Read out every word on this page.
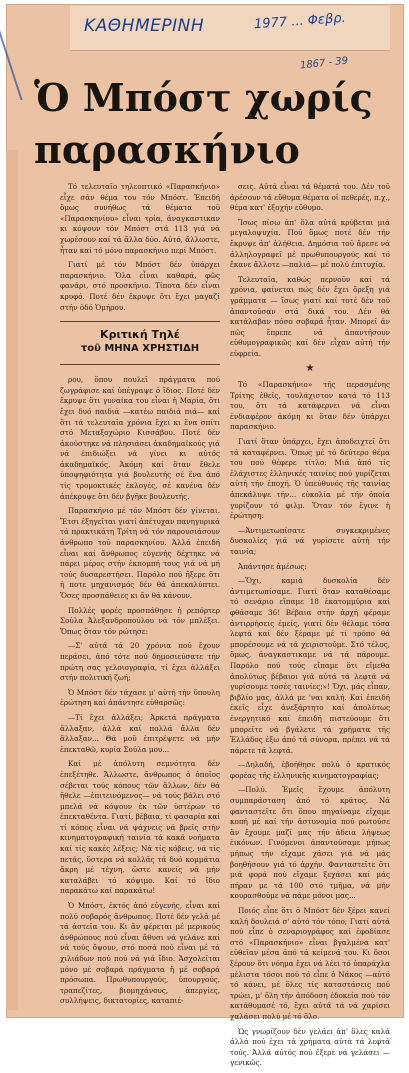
ΚΑΘΗΜΕΡΙΝΗ	1977 ... Φεβρ.
1867 - 39
Ὁ Μπόστ χωρίς
παρασκήνιο

Τό τελευταῖο τηλεοπτικό «Παρασκήνιο» εἶχε σάν θέμα του τόν Μπόστ. Ἐπειδή ὅμως συνήθως τά θέματα τοῦ «Παρασκηνίου» εἶναι τρία, ἀναγκαστικαν κι κόψουν τόν Μπόστ στά 113 γιά νά χωρέσουν καί τά ἄλλα δύο. Αὐτό, ἄλλωστε, ἦταν καί τό μόνο παρασκήνιο περί Μπόστ.

Γιατί μέ τόν Μπόστ δέν ὑπάρχει παρασκήνιο. Ὅλα εἶναι καθαρά, φῶς φανάρι, στό προσκήνιο. Τίποτα δέν εἶναι κρυφό. Ποτέ δέν ἔκρυψε ὅτι ἔχει μαγαζί στήν ὁδό Ὁμήρου.

Κριτική Τηλέ
τοῦ ΜΗΝΑ ΧΡΗΣΤΙΔΗ

ρου, ὅπου πουλεῖ πράγματα πού ζωγράφισε καί ὑπέγραψε ὁ ἴδιος. Ποτέ δέν ἔκρυψε ὅτι γυναίκα του εἶναι ἡ Μαρία, ὅτι ἔχει δυό παιδιά —κατέω παιδιά πιά— καί ὅτι τά τελευταῖα χρόνια ἔχει κι ἕνα σπίτι στό Μεταξοχώριο Κισσάβου. Ποτέ δέν ἀκούστηκε νά πλησιάσει ἀκαδημαϊκούς γιά νά ἐπιδιώξει νά γίνει κι αὐτός ἀκαδημαϊκός. Ἀκόμη καί ὅταν ἔθελε ὑποψηφιότητα γιά βουλευτής σέ ἕνα ἀπό τίς τρομοκτικές ἐκλογές, σέ κανένα δέν ἀπέκρυψε ὅτι δέν βγῆκε βουλευτής.

Παρασκήνιο μέ τόν Μπόστ δέν γίνεται. Ἔτσι ἐξηγεῖται γιατί ἀπέτυχαν πανηγυρικά τά πρακτικάτη Τρίτη νά τόν παρουσιάσουν ἀνθρωπο τοῦ παρασκηνίου. Ἀλλά ἐπειδή εἶναι καί ἄνθρωπος εὐγενής δέχτηκε νά πάρει μέρος στήν ἐκπομπή τους γιά νά μή τούς δυσαρεστήσει. Παρόλο πού ἤξερε ὅτι ἡ ποτε μηχανισμός δέν θά ἀπεκαλύπτει. Ὅσες προσπάθειες κι ἄν θά κάνουν.

Πολλές φορές προσπάθησε ἡ ρεπόρτερ Σούλα Ἀλεξανδροπούλου νά τόν μπλέξει. Ὅπως ὅταν τόν ρώτησε:

—Σ' αὐτά τά 20 χρόνια πού ἔχουν περάσει, ἀπό τότε πού δημοσιεύσατε τήν πρώτη σας γελοιογραφία, τί ἔχει ἀλλάξει στήν πολιτική ζωή;

Ὁ Μπόστ δέν τάχασε μ' αὐτή τήν ὕπουλη ἐρώτηση καί ἀπάντησε εὐθαρσῶς:

—Τί ἔχει ἀλλάξει; Ἀρκετά πράγματα ἄλλαξαν, ἀλλά καί πολλά ἄλλα δέν ἄλλαξαν... Θά μοῦ ἐπιτρέψετε νά μήν ἐπεκταθῶ, κυρία Σούλα μου...

Καί μέ ἀπόλυτη σεμνότητα δέν ἐπεξέτηθε. Ἄλλωστε, ἄνθρωπος ὁ ὁποῖος σέβεται τούς κόπους τῶν ἄλλων, δέν θά ἤθελε —ἐπιτεινόμενος— νά τούς βάλει στό μπελά νά κόψουν ἐκ τῶν ὑστέρων τό ἐπεκταθέντα. Γιατί, βέβαια, τί φασαρία καί τί κόπος εἶναι νά ψάχνεις νά βρεῖς στήν κινηματογραφική ταινία τά κακά νοήματα καί τίς κακές λέξεις; Νά τίς κόβεις, νά τίς πετάς, ὕστερα νά κολλᾶς τά δυό κομμάτια ἄκρη μέ τέχνη, ὥστε κανείς νά μήν καταλάβει τό κόψιμο. Καί τό ἴδιο παρακάτω καί παρακάτω!

Ὁ Μπόστ, ἐκτός ἀπό εὐγενής, εἶναι καί πολύ σοβαρός ἄνθρωπος. Ποτέ δέν γελᾶ μέ τά ἀστεῖα του. Κι ἄν φέρεται μέ μερικούς ἀνθρώπους πού εἶναι ἄθυσι νά γελάνε καί νά τούς ὄψουν, στό ποσά πού εἶναι μέ τά χιλιάδων πού πού νά γιά ἴδιο. Ἀσχολεῖται μόνο μέ σοβαρά πράγματα ἤ μέ σοβαρά πρόσωπα. Πρωθυπουργούς, ὑπουργούς, τραπεζίτες, βιομηχάνους, ἀπεργίες, συλλήψεις, δικτατορίες, καταπιέ-

σεις. Αὐτά εἶναι τά θέματά του. Δέν τοῦ ἀρέσουν τά εὔθυμα θέματα οἱ πεθερές, π.χ., θέμα κατ' ἐξοχήν εὔθυμο.

Ἴσως πίσω ἀπ' ὅλα αὐτά κρύβεται μιά μεγαλοψυχία. Πού ὅμως ποτέ δέν τήν ἔκρυψε ἀπ' ἀλήθεια. Δημόσια τοῦ ἄρεσε νά ἀλληλογραφεῖ μέ πρωθυπουργούς καί τό ἔκανε ἄλλοτε —παλιά— μέ πολύ ἐπιτυχία.

Τελευταῖα, καθώς περνοῦν καί τά χρόνια, φαίνεται πώς δέν ἔχει ὄρεξη γιά γράμματα — ἴσως γιατί καί τοτέ δέν τοῦ ἀπαντοῦσαν στά δικά του. Δέν θά κατάλαβαν πόσο σοβαρά ἦταν. Μπορεῖ ἀν πῶς ἔπρεπε νά ἀπαντήσουν εὐθυμογραφικῶς καί δέν εἶχαν αὐτή τήν εὐφρεία.

★

Τό «Παρασκήνιο» τῆς περασμένης Τρίτης ἐθεῖς, τουλάχιστον κατά τό 113 του, ὅτι τά κατάφερνει νά εἶναι ἐνδιαφέρον ἀκόμη κι ὅταν δέν ὑπάρχει παρασκήνιο.

Γιατί ὅταν ὑπάρχει, ἔχει ἀποδειχτεῖ ὅτι τά καταφέρνει. Ὅπως μέ τό δεύτερο θέμα του πού θέφερε τίτλο: Μιά ἀπό τίς ἐλάχιστες ἑλληνικές ταινίες πού γυρίζεται αὐτή τήν ἐποχή. Ὁ ὑπεύθυνός τῆς ταινίας ἀπεκάλυψε τήν... εὐκολία μέ τήν ὁποία γυρίζουν τό φιλμ. Ὅταν τόν ἔγινε ἡ ἐρώτηση:

—Ἀντιμετωπίσατε συγκεκριμένες δυσκολίες γιά νά γυρίσετε αὐτή τήν ταινία;

Ἀπάντησε ἀμέσως:

—Ὄχι, καμιά δυσκολία δέν ἀντιμετωπίσαμε. Γιατί ὅταν καταθέσαμε τό σενάριο εἴπαμε 18 ἐκατομμύρια καί φθάσαμε 36! Βέβαια στήν ἀρχή φέραμε ἀντιρρήσεις ἐμείς, γιατί δέν θέλαμε τόσα λεφτά καί δέν ξέραμε μέ τί τρόπο θά μπορέσουμε νά τά χειριστοῦμε. Στό τέλος, ὅμως, ἀναγκαστικαμε νά τά πάρουμε. Παρόλο πού τούς εἴπαμε ὅτι εἴμεθα ἀπολύτως βέβαιοι γιά αὐτά τά λεφτά νά γυρίσουμε τοσές ταινίες;»! Ὄχι, μάς εἶπαν, βιβλίο μας, ἀλλά με 'ναι καλή. Καί ἐπειδή ἐκεῖς εἶχε ἀνεξάρτητο καί ἀπολύτως ἐνεργητικό καί ἐπειδή πιστεύουμε ὅτι μπορεῖτε νά βγάλετε τά χρήματα τῆς Ἑλλάδος ἐξω ἀπό τά σύνορα, πρέπει νά τά πάρετε τά λεφτά.

—Δηλαδή, ἐβοήθησε πολύ ὁ κρατικός φορέας τῆς ἑλληνικῆς κινηματογραφίας;

—Πολύ. Ἐμεῖς ἔχουμε ἀπόλυτη συμπαράσταση ἀπό τό κράτος. Νά φανταστεῖτε ὅτι ὅπου πηγαίναμε εἴχαμε κοπή μέ καί τήν ἀστυνομία πού ρωτούσε ἂν ἔχουμε μαζί μας τήν ἀδεια λήψεως ἐικόνων. Γινόμενοι ἀπαντούσαμε μήπως μήπως τήν εἴχαμε χάσει γιά νά μάς βοηθήσουν γιά τό ἀρχήν. Φανταστεῖτε ὅτι μιά φορά πού εἴχαμε ξεχάσει καί μάς πήραν με τά 100 στό τμῆμα, νά μήν κουρασθοῦμε νά πάμε μόνοι μας...

Ποιός εἶπε ὅτι ὁ Μπόστ δέν ξέρει κανεί καλή δουλειά σ' αὐτό τόν τόπο; Γιατί αὐτά πού εἶπε ὁ σεναριογράφος καί ἐφοδίασε στό «Παρασκήνιο» εἶναι βγαλμένα κατ' εὐθεῖαν μέσα ἀπό τά κείμενά του. Κι ὅσοι ξέρουν ὅτι νόημα ἔχει νά λέει τό ὑπαράχλα μέλιστα τόσοι πού τό εἶπε ὁ Νάκος —αὐτό τό κάνει, μέ ὅλες τίς καταστάσεις πού τρώει, μ' ὅλη τήν ἀπόδοση ἐδοκεία πού τόν κατάθυμασέ τό, ἔχει αὐτά τά νά χαρίσει χαλάσει πολύ μέ τό ὅλο.

Ὡς γνωρίζουν δέν γελάει ἀπ' ὅλες καλά ἀλλά πού ἐχει τά χρήματα αὐτά τά λεφτά τούς. Ἀλλά αὐτός πού ἔξερε νά γελάσει — γενικῶς.
